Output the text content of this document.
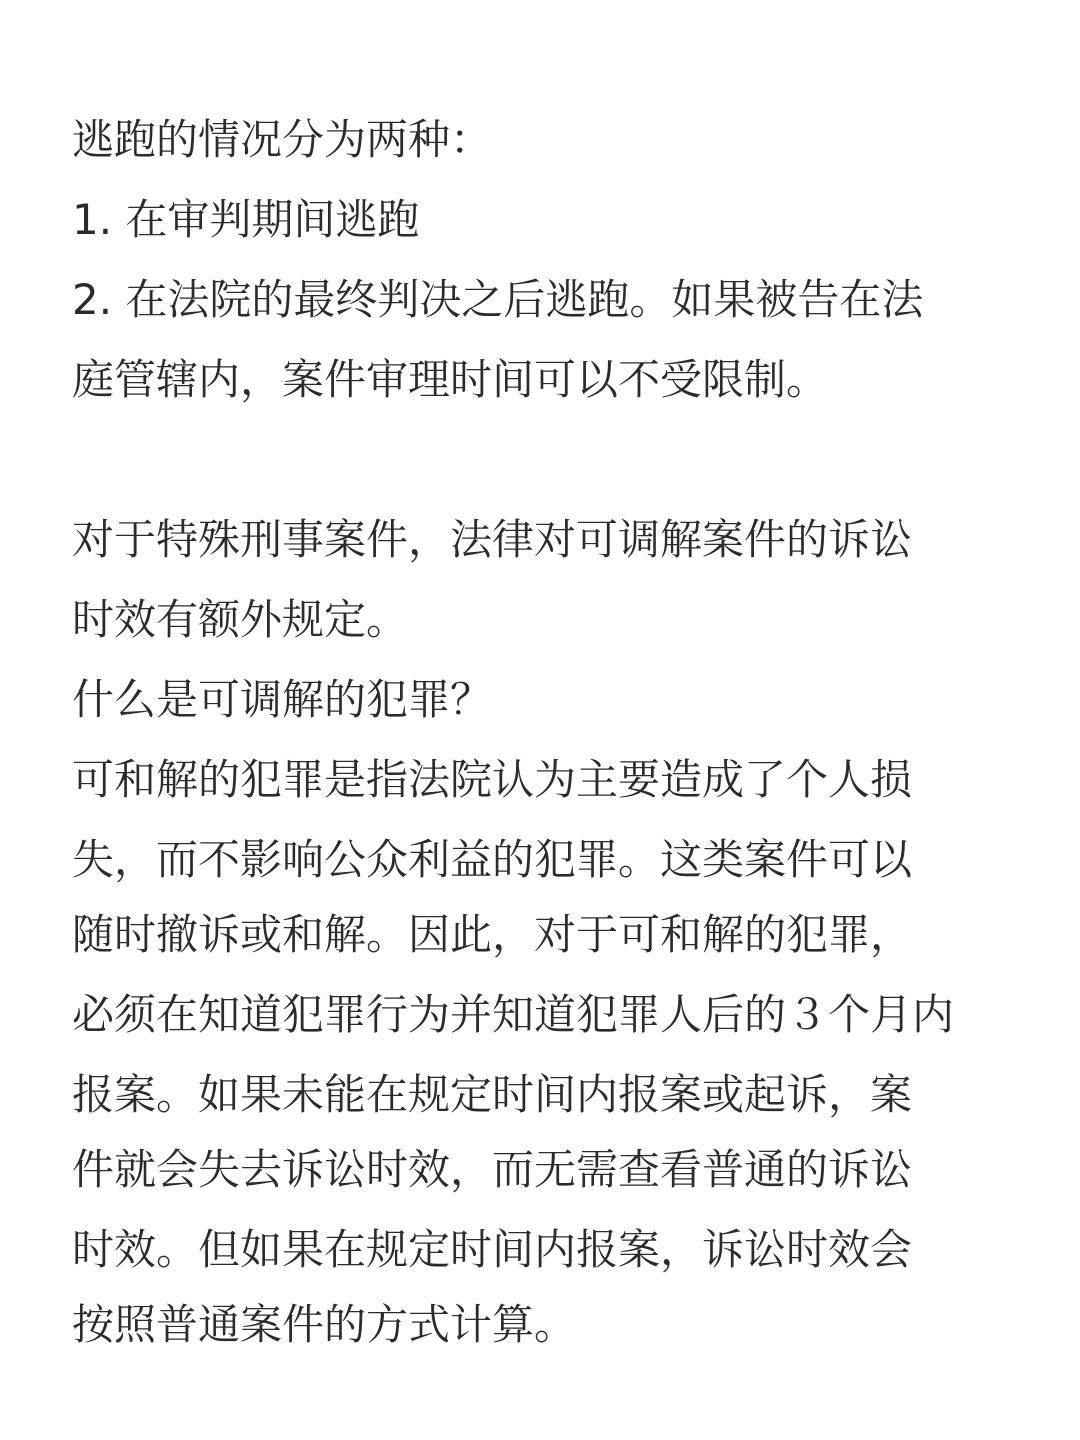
逃跑的情况分为两种：
1. 在审判期间逃跑
2. 在法院的最终判决之后逃跑。如果被告在法
庭管辖内，案件审理时间可以不受限制。
对于特殊刑事案件，法律对可调解案件的诉讼
时效有额外规定。
什么是可调解的犯罪？
可和解的犯罪是指法院认为主要造成了个人损
失，而不影响公众利益的犯罪。这类案件可以
随时撤诉或和解。因此，对于可和解的犯罪，
必须在知道犯罪行为并知道犯罪人后的３个月内
报案。如果未能在规定时间内报案或起诉，案
件就会失去诉讼时效，而无需查看普通的诉讼
时效。但如果在规定时间内报案，诉讼时效会
按照普通案件的方式计算。
